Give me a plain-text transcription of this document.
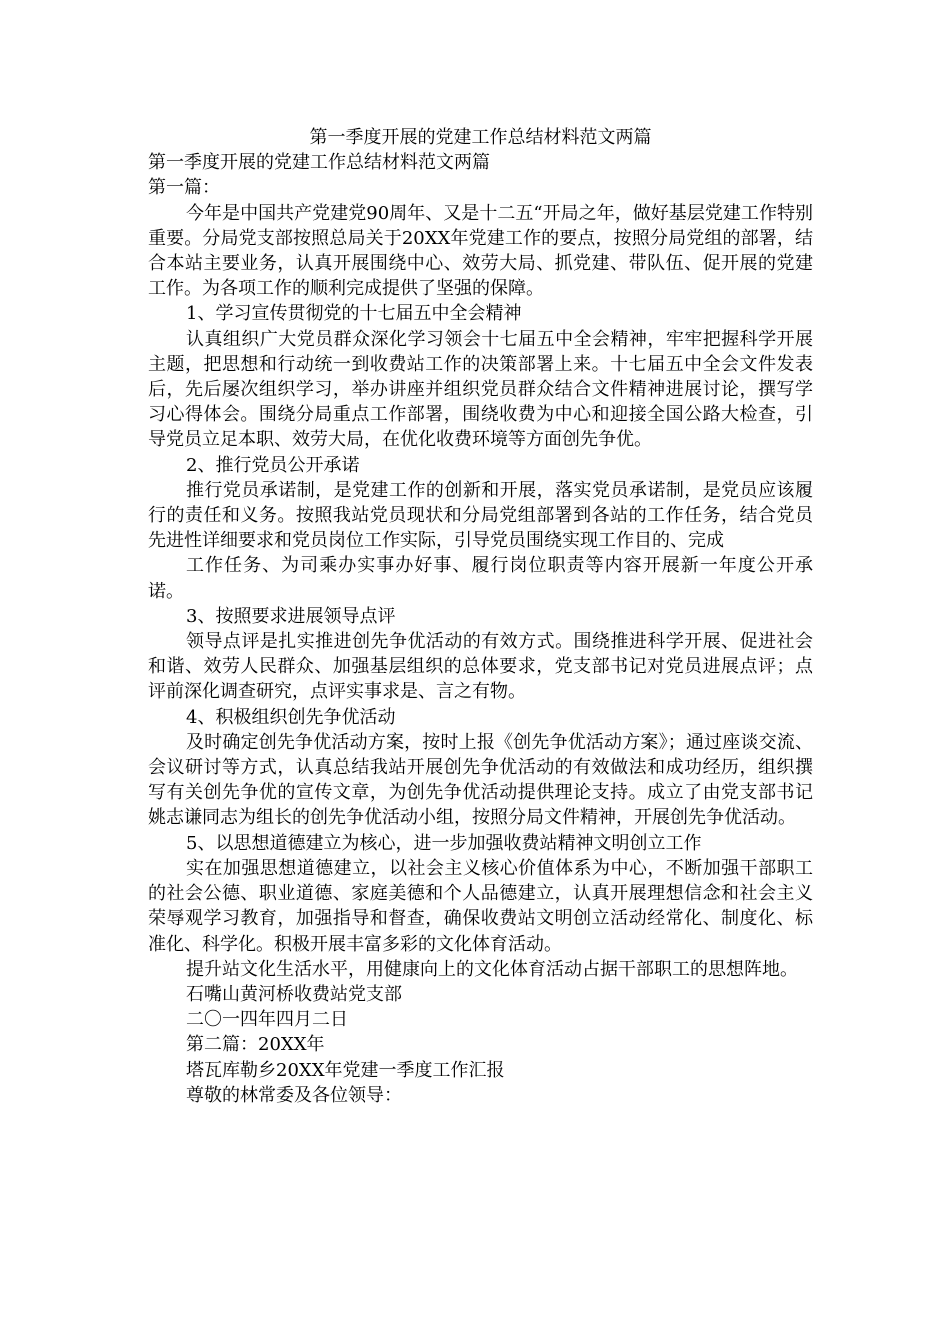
第一季度开展的党建工作总结材料范文两篇

第一季度开展的党建工作总结材料范文两篇

第一篇：

今年是中国共产党建党90周年、又是十二五“开局之年，做好基层党建工作特别重要。分局党支部按照总局关于20XX年党建工作的要点，按照分局党组的部署，结合本站主要业务，认真开展围绕中心、效劳大局、抓党建、带队伍、促开展的党建工作。为各项工作的顺利完成提供了坚强的保障。

1、学习宣传贯彻党的十七届五中全会精神

认真组织广大党员群众深化学习领会十七届五中全会精神，牢牢把握科学开展主题，把思想和行动统一到收费站工作的决策部署上来。十七届五中全会文件发表后，先后屡次组织学习，举办讲座并组织党员群众结合文件精神进展讨论，撰写学习心得体会。围绕分局重点工作部署，围绕收费为中心和迎接全国公路大检查，引导党员立足本职、效劳大局，在优化收费环境等方面创先争优。

2、推行党员公开承诺

推行党员承诺制，是党建工作的创新和开展，落实党员承诺制，是党员应该履行的责任和义务。按照我站党员现状和分局党组部署到各站的工作任务，结合党员先进性详细要求和党员岗位工作实际，引导党员围绕实现工作目的、完成

工作任务、为司乘办实事办好事、履行岗位职责等内容开展新一年度公开承诺。

3、按照要求进展领导点评

领导点评是扎实推进创先争优活动的有效方式。围绕推进科学开展、促进社会和谐、效劳人民群众、加强基层组织的总体要求，党支部书记对党员进展点评；点评前深化调查研究，点评实事求是、言之有物。

4、积极组织创先争优活动

及时确定创先争优活动方案，按时上报《创先争优活动方案》；通过座谈交流、会议研讨等方式，认真总结我站开展创先争优活动的有效做法和成功经历，组织撰写有关创先争优的宣传文章，为创先争优活动提供理论支持。成立了由党支部书记姚志谦同志为组长的创先争优活动小组，按照分局文件精神，开展创先争优活动。

5、以思想道德建立为核心，进一步加强收费站精神文明创立工作

实在加强思想道德建立，以社会主义核心价值体系为中心，不断加强干部职工的社会公德、职业道德、家庭美德和个人品德建立，认真开展理想信念和社会主义荣辱观学习教育，加强指导和督查，确保收费站文明创立活动经常化、制度化、标准化、科学化。积极开展丰富多彩的文化体育活动。

提升站文化生活水平，用健康向上的文化体育活动占据干部职工的思想阵地。

石嘴山黄河桥收费站党支部

二〇一四年四月二日

第二篇：20XX年

塔瓦库勒乡20XX年党建一季度工作汇报

尊敬的林常委及各位领导：
